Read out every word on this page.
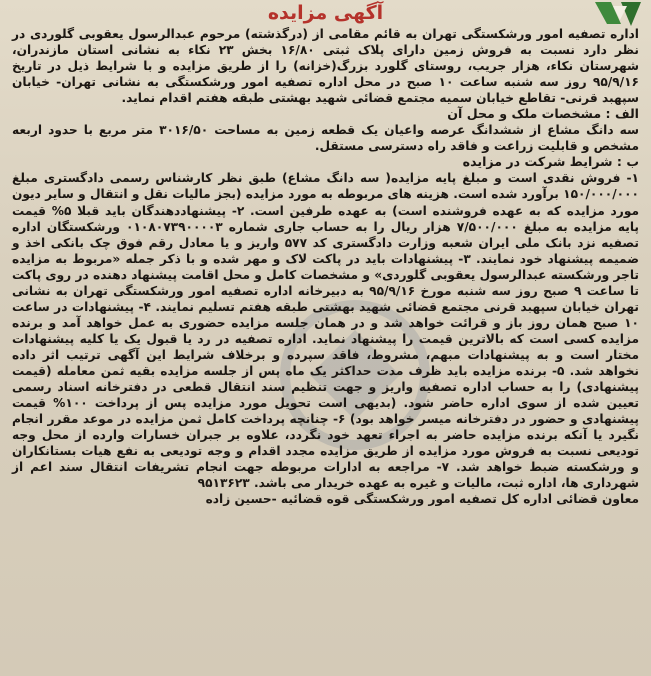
آگهی مزایده

اداره تصفیه امور ورشکستگی تهران به قائم مقامی از (درگذشته) مرحوم عبدالرسول یعقوبی گلوردی در نظر دارد نسبت به فروش زمین دارای پلاک ثبتی ۱۶/۸۰ بخش ۲۳ نکاء به نشانی استان مازندران، شهرستان نکاء، هزار جریب، روستای گلورد بزرگ(خزانه) را از طریق مزایده و با شرایط ذیل در تاریخ ۹۵/۹/۱۶ روز سه شنبه ساعت ۱۰ صبح در محل اداره تصفیه امور ورشکستگی به نشانی تهران- خیابان سپهبد قرنی- تقاطع خیابان سمیه مجتمع قضائی شهید بهشتی طبقه هفتم اقدام نماید.

الف : مشخصات ملک و محل آن

سه دانگ مشاع از ششدانگ عرصه واعیان یک قطعه زمین به مساحت ۳۰۱۶/۵۰ متر مربع با حدود اربعه مشخص و قابلیت زراعت و فاقد راه دسترسی مستقل.

ب : شرایط شرکت در مزایده

۱- فروش نقدی است و مبلغ پایه مزایده( سه دانگ مشاع) طبق نظر کارشناس رسمی دادگستری مبلغ ۱۵۰/۰۰۰/۰۰۰ برآورد شده است. هزینه های مربوطه به مورد مزایده (بجز مالیات نقل و انتقال و سایر دیون مورد مزایده که به عهده فروشنده است) به عهده طرفین است. ۲- پیشنهاددهندگان باید قبلا ۵% قیمت پایه مزایده به مبلغ ۷/۵۰۰/۰۰۰ هزار ریال را به حساب جاری شماره ۰۱۰۸۰۷۳۹۰۰۰۰۳ ورشکستگان اداره تصفیه نزد بانک ملی ایران شعبه وزارت دادگستری کد ۵۷۷ واریز و یا معادل رقم فوق چک بانکی اخذ و ضمیمه پیشنهاد خود نمایند. ۳- پیشنهادات باید در پاکت لاک و مهر شده و با ذکر جمله «مربوط به مزایده تاجر ورشکسته عبدالرسول یعقوبی گلوردی» و مشخصات کامل و محل اقامت پیشنهاد دهنده در روی پاکت تا ساعت ۹ صبح روز سه شنبه مورخ ۹۵/۹/۱۶ به دبیرخانه اداره تصفیه امور ورشکستگی تهران به نشانی تهران خیابان سپهبد قرنی مجتمع قضائی شهید بهشتی طبقه هفتم تسلیم نمایند. ۴- پیشنهادات در ساعت ۱۰ صبح همان روز باز و قرائت خواهد شد و در همان جلسه مزایده حضوری به عمل خواهد آمد و برنده مزایده کسی است که بالاترین قیمت را پیشنهاد نماید. اداره تصفیه در رد یا قبول یک یا کلیه پیشنهادات مختار است و به پیشنهادات مبهم، مشروط، فاقد سپرده و برخلاف شرایط این آگهی ترتیب اثر داده نخواهد شد. ۵- برنده مزایده باید ظرف مدت حداکثر یک ماه پس از جلسه مزایده بقیه ثمن معامله (قیمت پیشنهادی) را به حساب اداره تصفیه واریز و جهت تنظیم سند انتقال قطعی در دفترخانه اسناد رسمی تعیین شده از سوی اداره حاضر شود. (بدیهی است تحویل مورد مزایده پس از پرداخت ۱۰۰% قیمت پیشنهادی و حضور در دفترخانه میسر خواهد بود) ۶- چنانچه پرداخت کامل ثمن مزایده در موعد مقرر انجام نگیرد یا آنکه برنده مزایده حاضر به اجراء تعهد خود نگردد، علاوه بر جبران خسارات وارده از محل وجه تودیعی نسبت به فروش مورد مزایده از طریق مزایده مجدد اقدام و وجه تودیعی به نفع هیات بستانکاران و ورشکسته ضبط خواهد شد. ۷- مراجعه به ادارات مربوطه جهت انجام تشریفات انتقال سند اعم از شهرداری ها، اداره ثبت، مالیات و غیره به عهده خریدار می باشد. ۹۵۱۳۶۲۳

معاون قضائی اداره کل تصفیه امور ورشکستگی قوه قضائیه -حسین زاده
